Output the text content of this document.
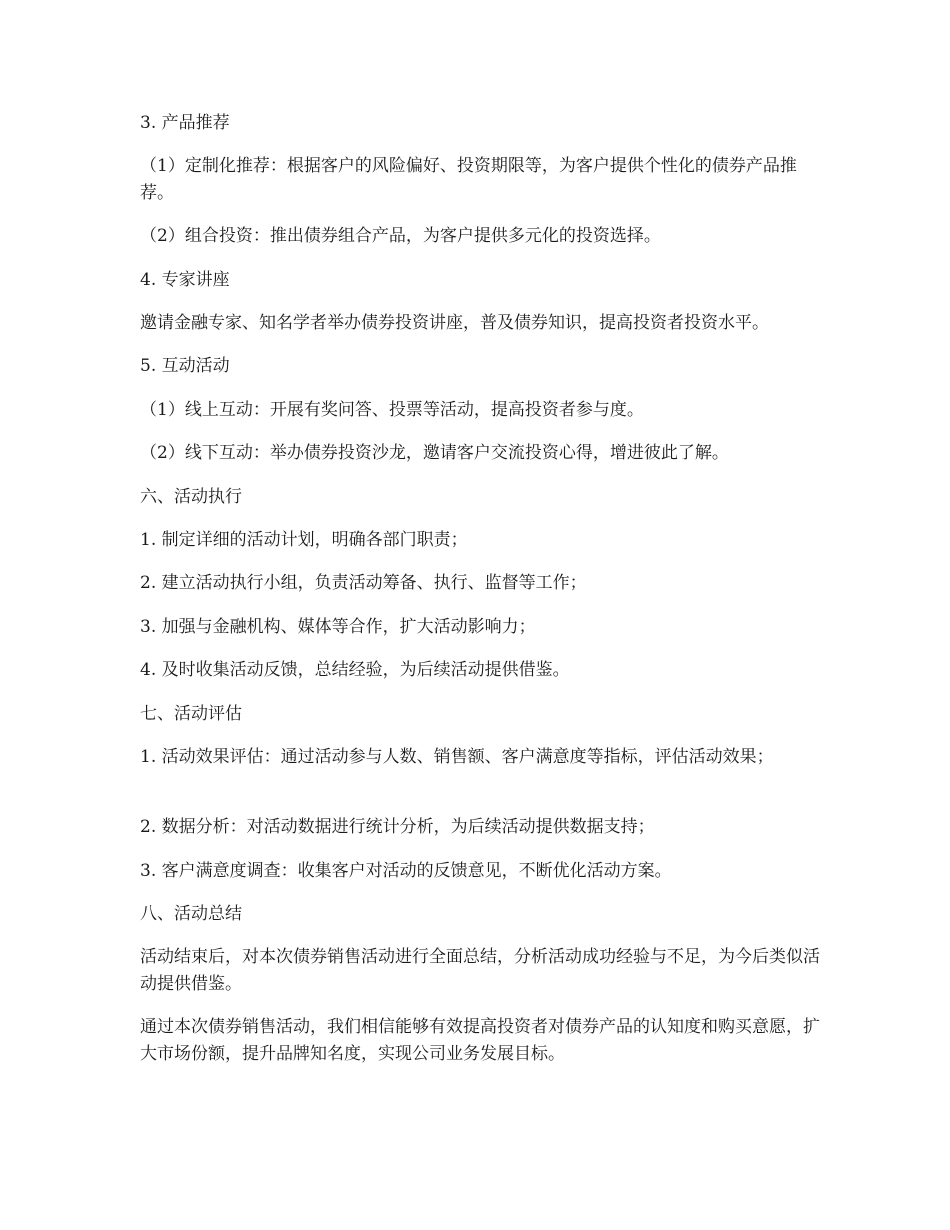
3. 产品推荐

（1）定制化推荐：根据客户的风险偏好、投资期限等，为客户提供个性化的债券产品推荐。

（2）组合投资：推出债券组合产品，为客户提供多元化的投资选择。

4. 专家讲座

邀请金融专家、知名学者举办债券投资讲座，普及债券知识，提高投资者投资水平。

5. 互动活动

（1）线上互动：开展有奖问答、投票等活动，提高投资者参与度。

（2）线下互动：举办债券投资沙龙，邀请客户交流投资心得，增进彼此了解。

六、活动执行

1. 制定详细的活动计划，明确各部门职责；

2. 建立活动执行小组，负责活动筹备、执行、监督等工作；

3. 加强与金融机构、媒体等合作，扩大活动影响力；

4. 及时收集活动反馈，总结经验，为后续活动提供借鉴。

七、活动评估

1. 活动效果评估：通过活动参与人数、销售额、客户满意度等指标，评估活动效果；

2. 数据分析：对活动数据进行统计分析，为后续活动提供数据支持；

3. 客户满意度调查：收集客户对活动的反馈意见，不断优化活动方案。

八、活动总结

活动结束后，对本次债券销售活动进行全面总结，分析活动成功经验与不足，为今后类似活动提供借鉴。

通过本次债券销售活动，我们相信能够有效提高投资者对债券产品的认知度和购买意愿，扩大市场份额，提升品牌知名度，实现公司业务发展目标。
